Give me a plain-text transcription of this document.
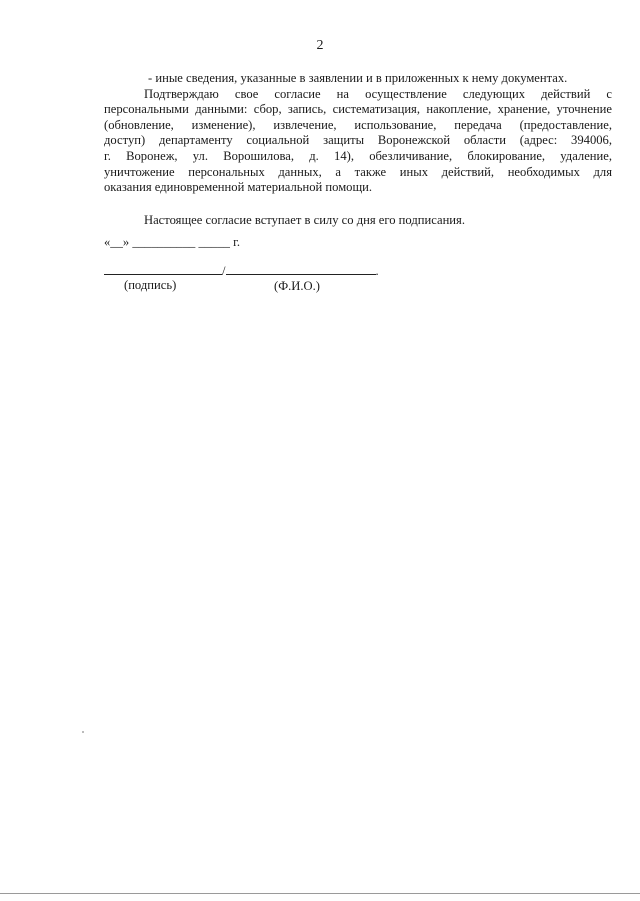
2
- иные сведения, указанные в заявлении и в приложенных к нему документах.
Подтверждаю свое согласие на осуществление следующих действий с
персональными данными: сбор, запись, систематизация, накопление, хранение, уточнение
(обновление, изменение), извлечение, использование, передача (предоставление,
доступ) департаменту социальной защиты Воронежской области (адрес: 394006,
г. Воронеж, ул. Ворошилова, д. 14), обезличивание, блокирование, удаление,
уничтожение персональных данных, а также иных действий, необходимых для
оказания единовременной материальной помощи.
Настоящее согласие вступает в силу со дня его подписания.
«__» __________ _____ г.
/	.
(подпись)	(Ф.И.О.)
